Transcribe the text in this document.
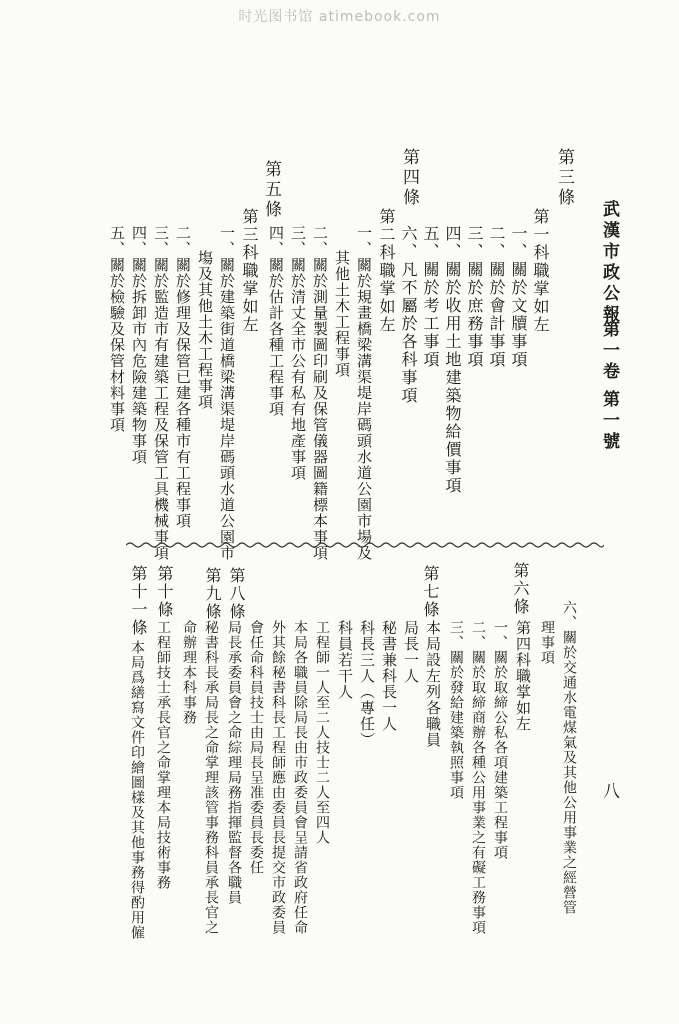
时光图书馆 atimebook.com
武漢市政公報
第一卷
第一號
八
第三條
第一科職掌如左
一、關於文牘事項
二、關於會計事項
三、關於庶務事項
四、關於收用土地建築物給價事項
五、關於考工事項
六、凡不屬於各科事項
第四條
第二科職掌如左
一、關於規畫橋梁溝渠堤岸碼頭水道公園市場及
其他土木工程事項
二、關於測量製圖印刷及保管儀器圖籍標本事項
三、關於清丈全市公有私有地產事項
四、關於估計各種工程事項
第五條
第三科職掌如左
一、關於建築街道橋梁溝渠堤岸碼頭水道公園市
塲及其他土木工程事項
二、關於修理及保管已建各種市有工程事項
三、關於監造市有建築工程及保管工具機械事項
四、關於拆卸市內危險建築物事項
五、關於檢驗及保管材料事項
六、關於交通水電煤氣及其他公用事業之經營管
理事項
第六條
第四科職掌如左
一、關於取締公私各項建築工程事項
二、關於取締商辦各種公用事業之有礙工務事項
三、關於發給建築執照事項
第七條
本局設左列各職員
局長一人
秘書兼科長一人
科長三人（專任）
科員若干人
工程師一人至二人技士二人至四人
本局各職員除局長由市政委員會呈請省政府任命
外其餘秘書科長工程師應由委員長提交市政委員
第八條
會任命科員技士由局長呈准委員長委任
第九條
局長承委員會之命綜理局務指揮監督各職員
秘書科長承局長之命掌理該管事務科員承長官之
命辦理本科事務
第十條
工程師技士承長官之命掌理本局技術事務
第十一條
本局爲繕寫文件印繪圖樣及其他事務得酌用僱
